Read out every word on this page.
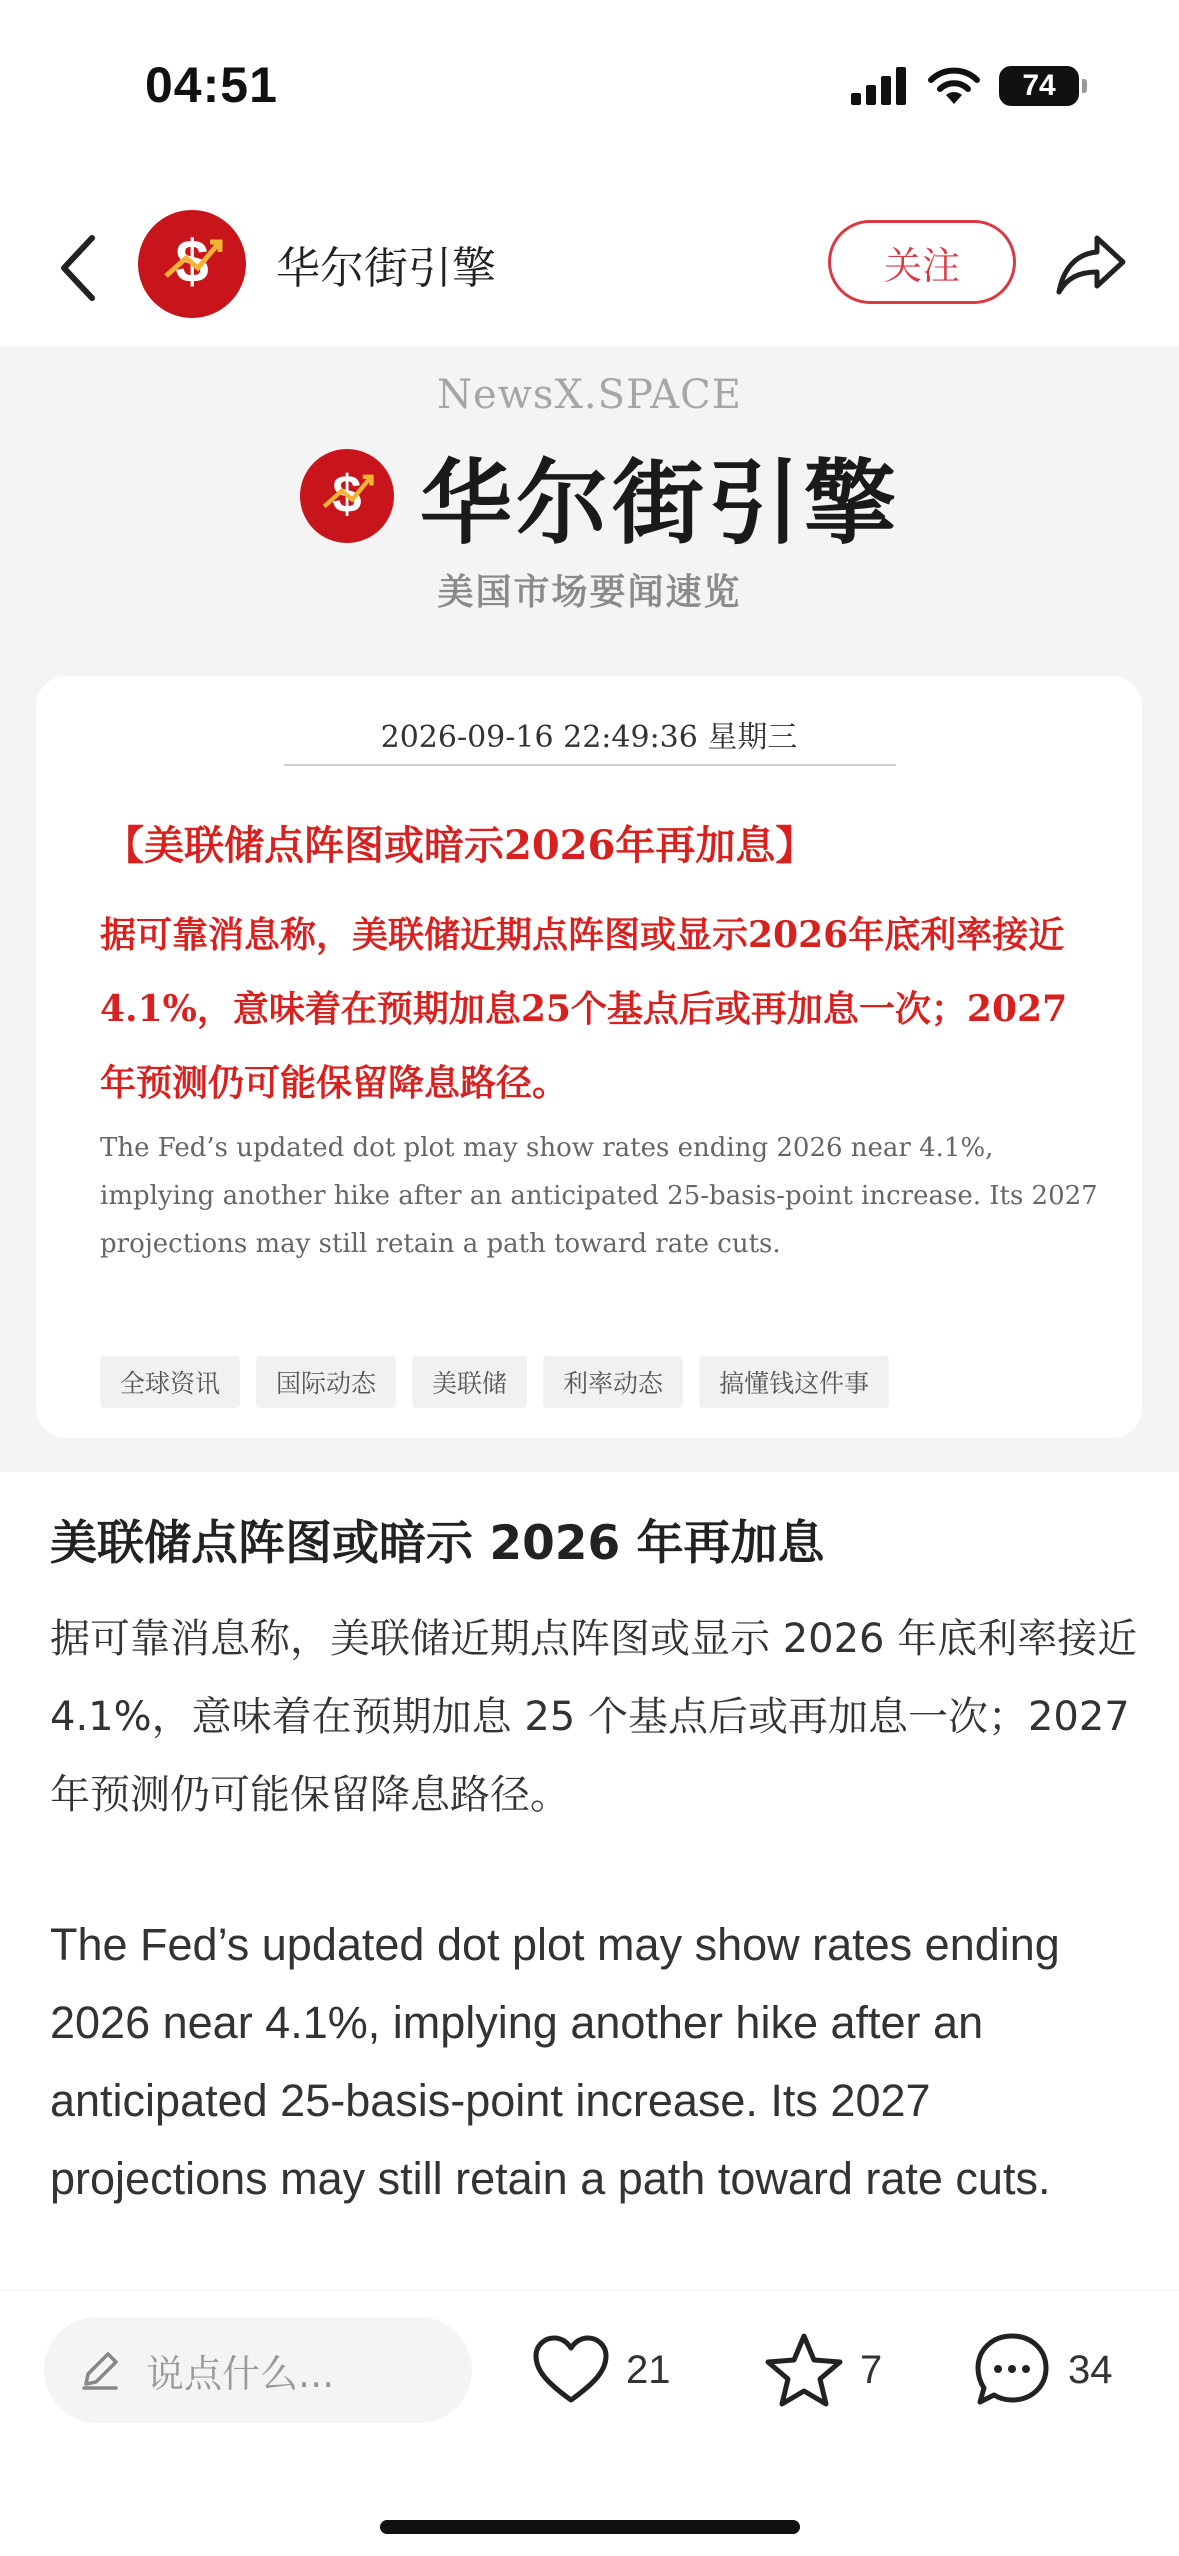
04:51	74
$ 华尔街引擎	关注
NewsX.SPACE
$ 华尔街引擎
美国市场要闻速览
2026-09-16 22:49:36 星期三
【美联储点阵图或暗示2026年再加息】
据可靠消息称，美联储近期点阵图或显示2026年底利率接近4.1%，意味着在预期加息25个基点后或再加息一次；2027年预测仍可能保留降息路径。
The Fed’s updated dot plot may show rates ending 2026 near 4.1%, implying another hike after an anticipated 25-basis-point increase. Its 2027 projections may still retain a path toward rate cuts.
全球资讯	国际动态	美联储	利率动态	搞懂钱这件事
美联储点阵图或暗示 2026 年再加息
据可靠消息称，美联储近期点阵图或显示 2026 年底利率接近 4.1%，意味着在预期加息 25 个基点后或再加息一次；2027 年预测仍可能保留降息路径。
The Fed’s updated dot plot may show rates ending 2026 near 4.1%, implying another hike after an anticipated 25-basis-point increase. Its 2027 projections may still retain a path toward rate cuts.
说点什么...	21	7	34
